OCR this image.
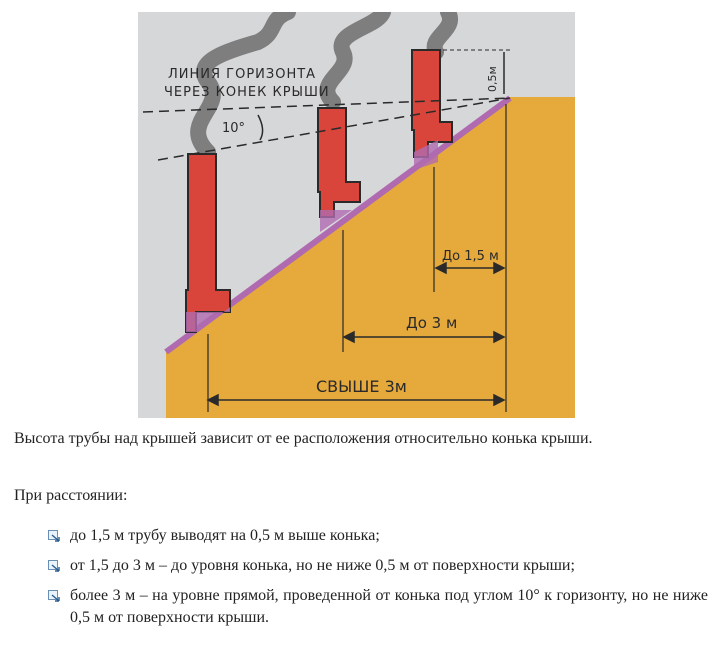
10°
0,5м
ЛИНИЯ ГОРИЗОНТА
ЧЕРЕЗ КОНЕК КРЫШИ
До 1,5 м
До 3 м
СВЫШЕ 3м

Высота трубы над крышей зависит от ее расположения относительно конька крыши.

При расстоянии:

до 1,5 м трубу выводят на 0,5 м выше конька;
от 1,5 до 3 м – до уровня конька, но не ниже 0,5 м от поверхности крыши;
более 3 м – на уровне прямой, проведенной от конька под углом 10° к горизонту, но не ниже 0,5 м от поверхности крыши.
